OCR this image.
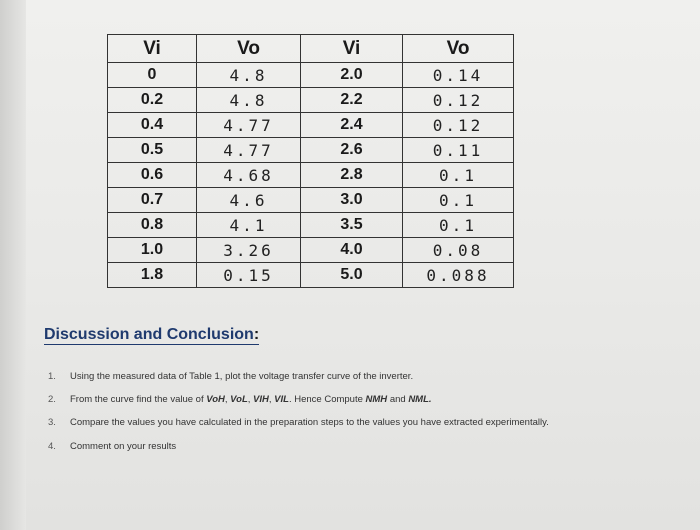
Vi	Vo	Vi	Vo
0	4.8	2.0	0.14
0.2	4.8	2.2	0.12
0.4	4.77	2.4	0.12
0.5	4.77	2.6	0.11
0.6	4.68	2.8	0.1
0.7	4.6	3.0	0.1
0.8	4.1	3.5	0.1
1.0	3.26	4.0	0.08
1.8	0.15	5.0	0.088
Discussion and Conclusion:
1. Using the measured data of Table 1, plot the voltage transfer curve of the inverter.
2. From the curve find the value of VoH, VoL, VIH, VIL. Hence Compute NMH and NML.
3. Compare the values you have calculated in the preparation steps to the values you have extracted experimentally.
4. Comment on your results
